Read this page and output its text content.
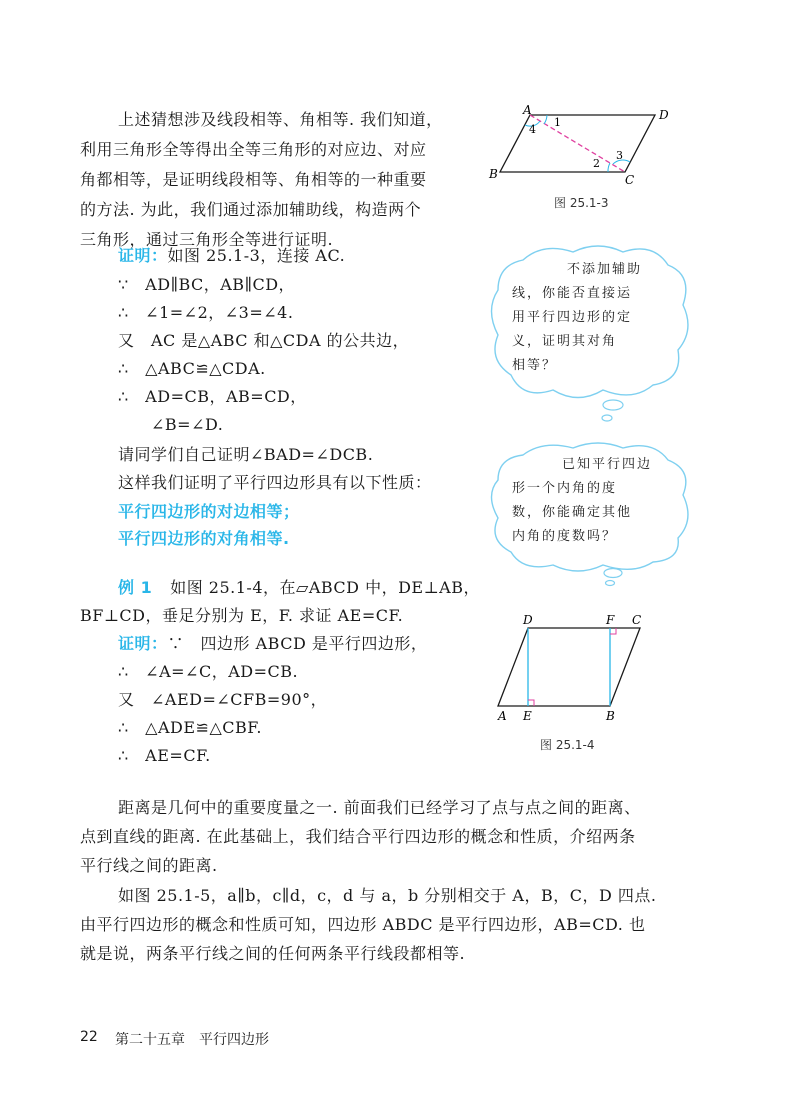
上述猜想涉及线段相等、角相等. 我们知道，
利用三角形全等得出全等三角形的对应边、对应
角都相等，是证明线段相等、角相等的一种重要
的方法. 为此，我们通过添加辅助线，构造两个
三角形，通过三角形全等进行证明.
证明：如图 25.1-3，连接 AC.
∵　AD∥BC，AB∥CD，
∴　∠1=∠2，∠3=∠4.
又　AC 是△ABC 和△CDA 的公共边，
∴　△ABC≌△CDA.
∴　AD=CB，AB=CD，
　　∠B=∠D.
请同学们自己证明∠BAD=∠DCB.
这样我们证明了平行四边形具有以下性质：
平行四边形的对边相等；
平行四边形的对角相等.
例 1 如图 25.1-4，在▱ABCD 中，DE⊥AB，
BF⊥CD，垂足分别为 E，F. 求证 AE=CF.
证明：∵　四边形 ABCD 是平行四边形，
∴　∠A=∠C，AD=CB.
又　∠AED=∠CFB=90°，
∴　△ADE≌△CBF.
∴　AE=CF.
距离是几何中的重要度量之一. 前面我们已经学习了点与点之间的距离、
点到直线的距离. 在此基础上，我们结合平行四边形的概念和性质，介绍两条
平行线之间的距离.
如图 25.1-5，a∥b，c∥d，c，d 与 a，b 分别相交于 A，B，C，D 四点.
由平行四边形的概念和性质可知，四边形 ABDC 是平行四边形，AB=CD. 也
就是说，两条平行线之间的任何两条平行线段都相等.
A	D
B	C
1
4
2
3
图 25.1-3
不添加辅助
线，你能否直接运
用平行四边形的定
义，证明其对角
相等？
已知平行四边
形一个内角的度
数，你能确定其他
内角的度数吗？
D	F C
A E	B
图 25.1-4
22 第二十五章　平行四边形
